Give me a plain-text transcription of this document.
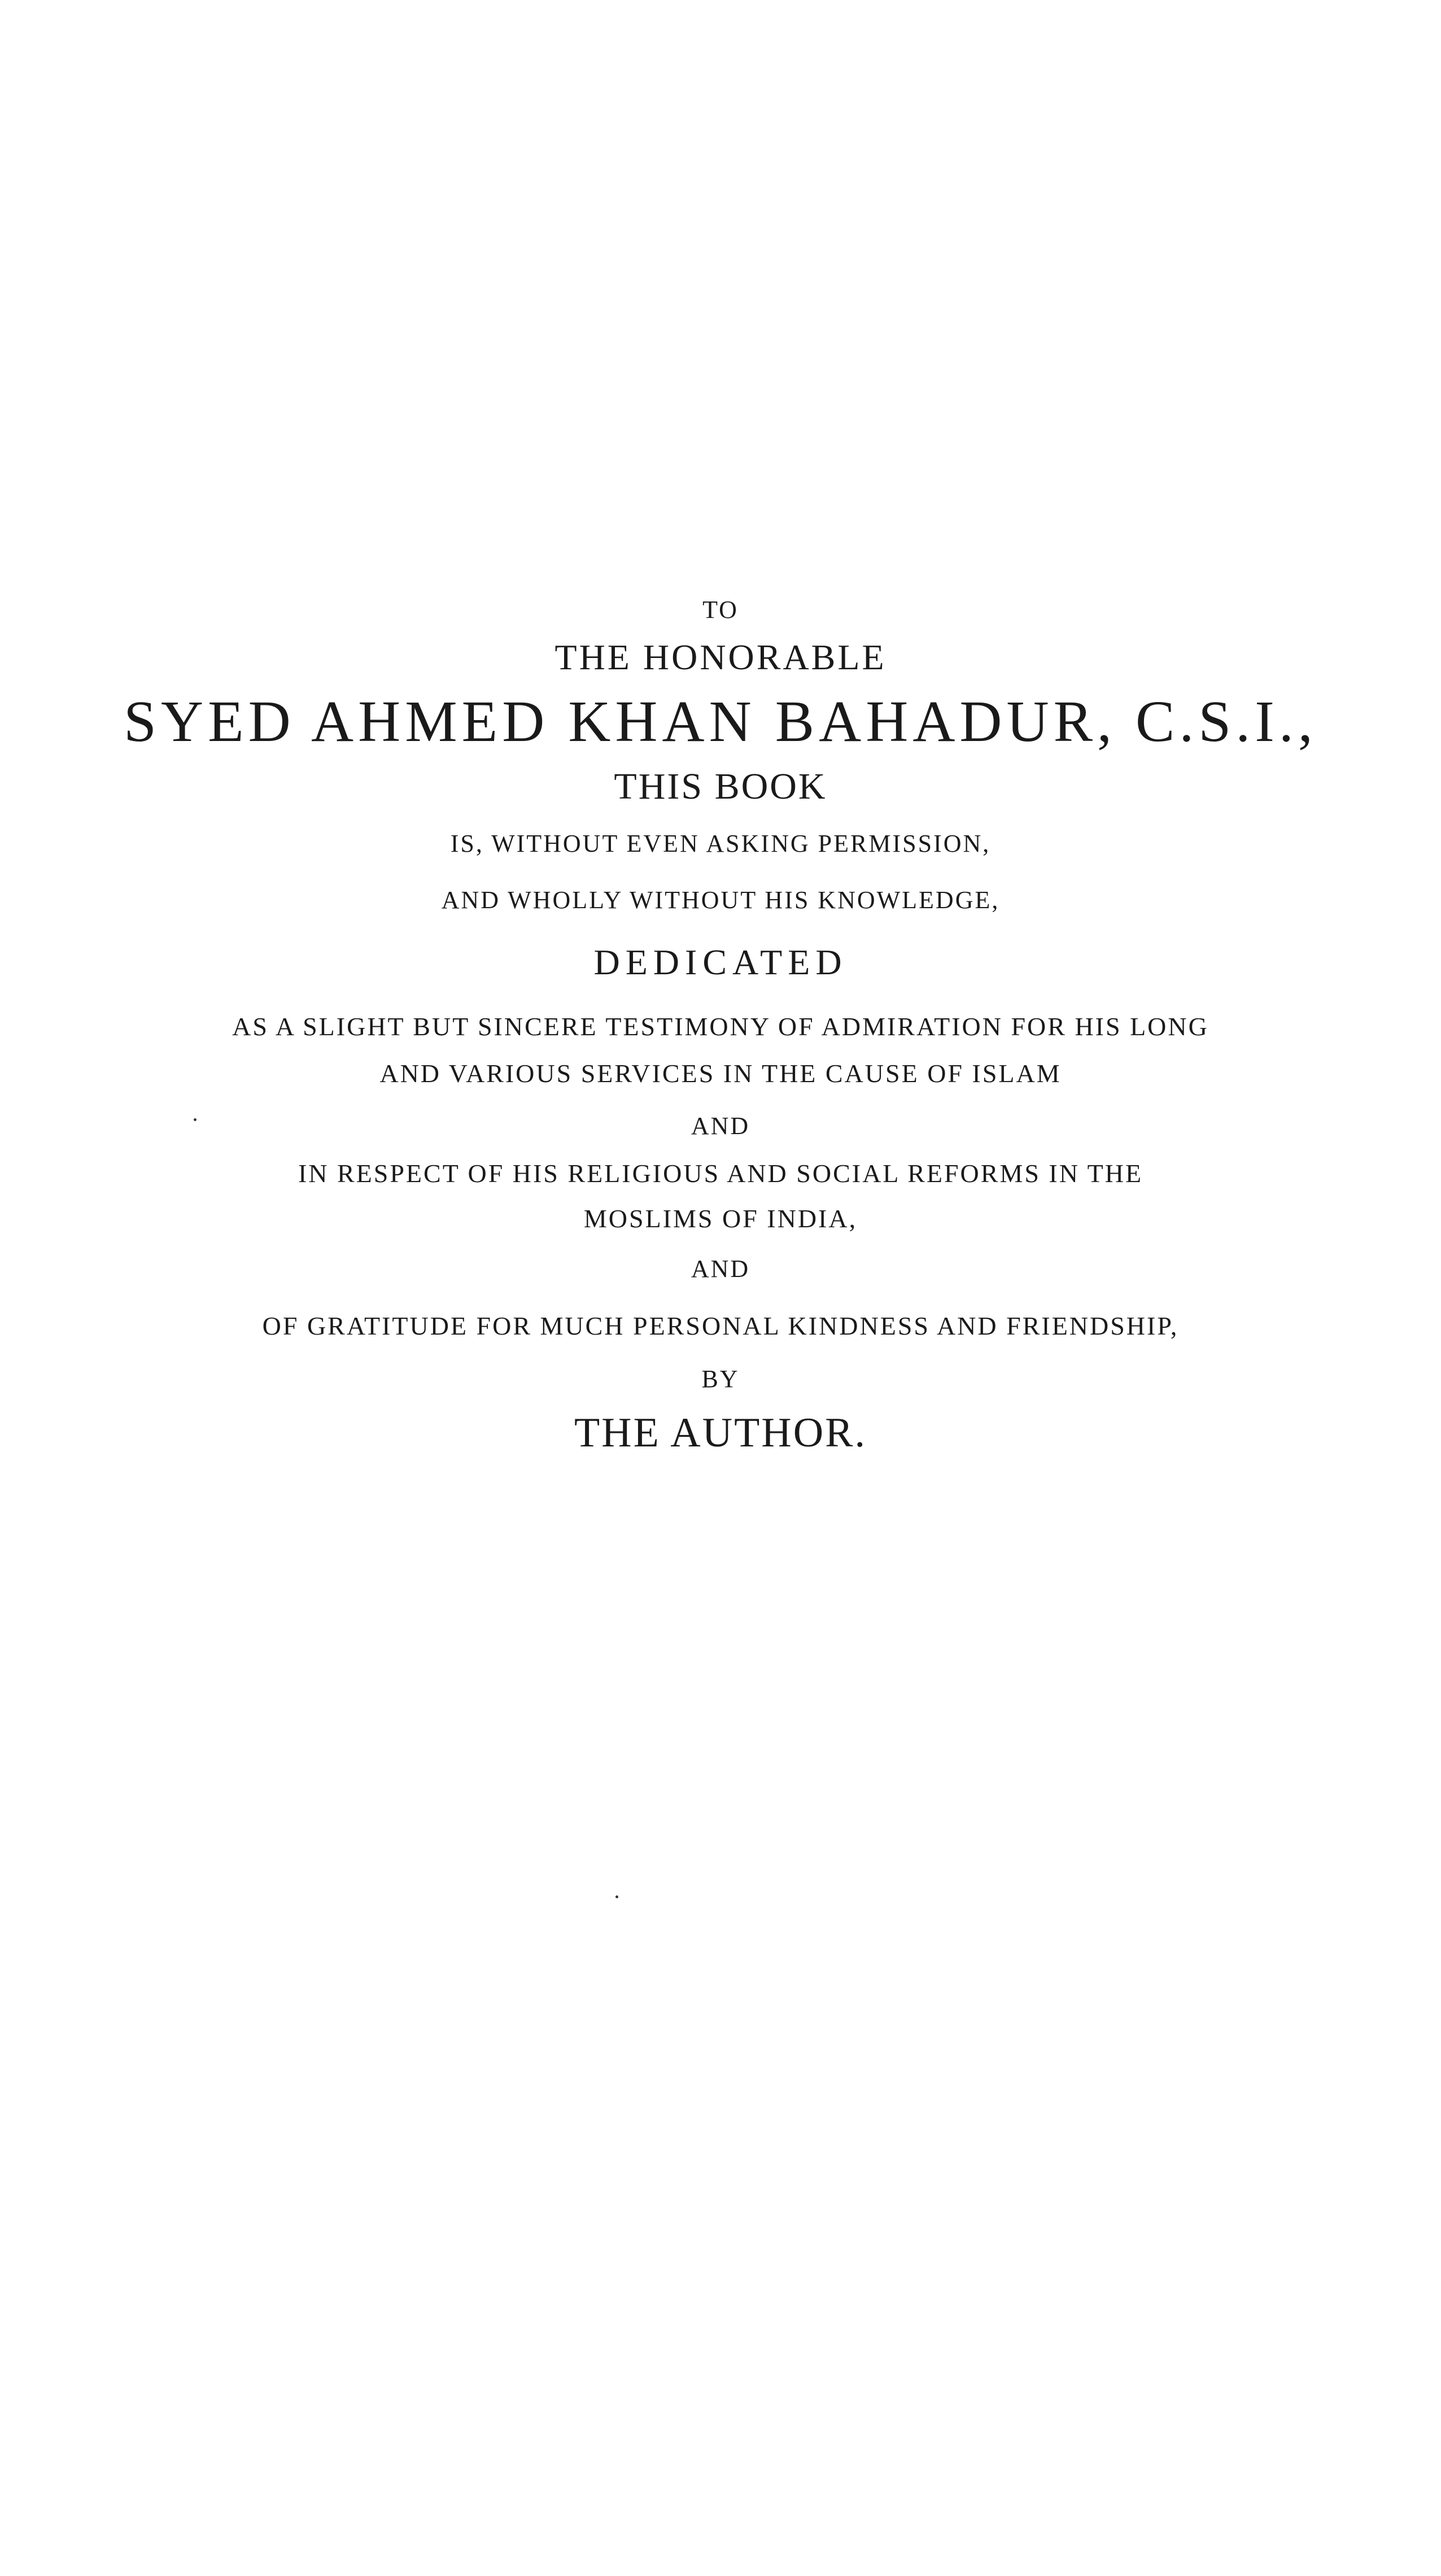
TO
THE HONORABLE
SYED AHMED KHAN BAHADUR, C.S.I.,
THIS BOOK
IS, WITHOUT EVEN ASKING PERMISSION,
AND WHOLLY WITHOUT HIS KNOWLEDGE,
DEDICATED
AS A SLIGHT BUT SINCERE TESTIMONY OF ADMIRATION FOR HIS LONG
AND VARIOUS SERVICES IN THE CAUSE OF ISLAM
AND
IN RESPECT OF HIS RELIGIOUS AND SOCIAL REFORMS IN THE
MOSLIMS OF INDIA,
AND
OF GRATITUDE FOR MUCH PERSONAL KINDNESS AND FRIENDSHIP,
BY
THE AUTHOR.
